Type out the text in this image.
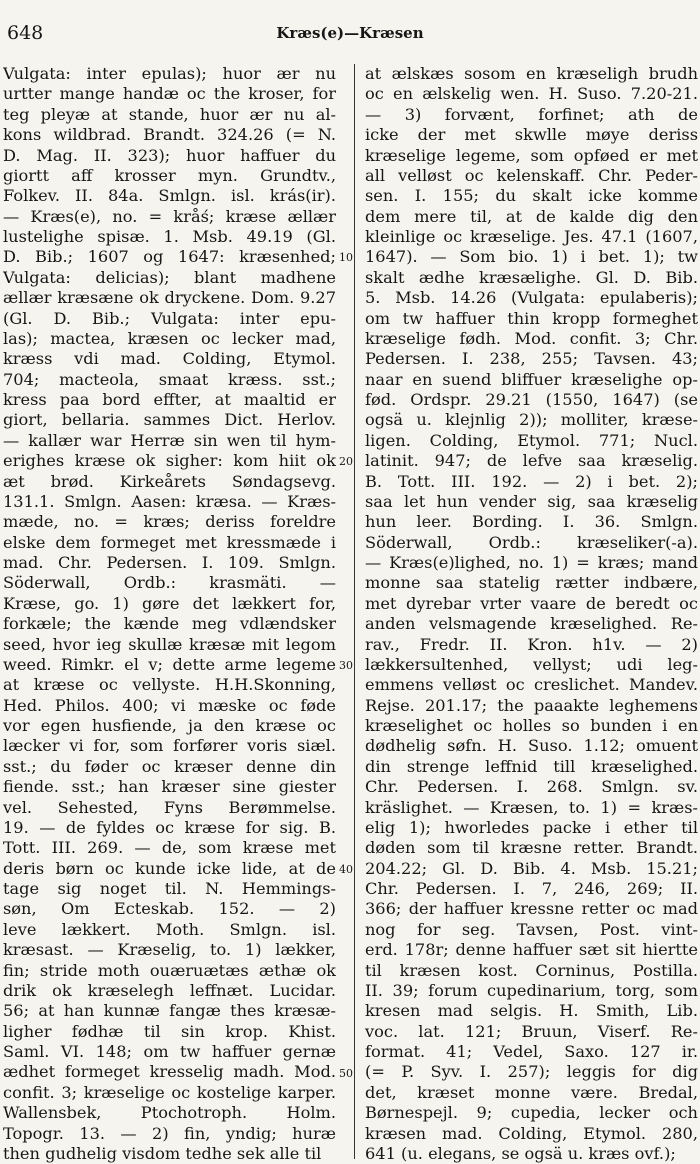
648	Kræs(e)—Kræsen
Vulgata: inter epulas); huor ær nu
urtter mange handæ oc the kroser, for
teg pleyæ at stande, huor ær nu al-
kons wildbrad. Brandt. 324.26 (= N.
D. Mag. II. 323); huor haffuer du
giortt aff krosser myn. Grundtv.,
Folkev. II. 84a. Smlgn. isl. krás(ir).
— Kræs(e), no. = kråś; kræse ællær
lustelighe spisæ. 1. Msb. 49.19 (Gl.
D. Bib.; 1607 og 1647: kræsenhed;
Vulgata: delicias); blant madhene
ællær kræsæne ok dryckene. Dom. 9.27
(Gl. D. Bib.; Vulgata: inter epu-
las); mactea, kræsen oc lecker mad,
kræss vdi mad. Colding, Etymol.
704; macteola, smaat kræss. sst.;
kress paa bord effter, at maaltid er
giort, bellaria. sammes Dict. Herlov.
— kallær war Herræ sin wen til hym-
erighes kræse ok sigher: kom hiit ok
æt brød. Kirkeårets Søndagsevg.
131.1. Smlgn. Aasen: kræsa. — Kræs-
mæde, no. = kræs; deriss foreldre
elske dem formeget met kressmæde i
mad. Chr. Pedersen. I. 109. Smlgn.
Söderwall, Ordb.: krasmäti. —
Kræse, go. 1) gøre det lækkert for,
forkæle; the kænde meg vdlændsker
seed, hvor ieg skullæ kræsæ mit legom
weed. Rimkr. el v; dette arme legeme
at kræse oc vellyste. H.H.Skonning,
Hed. Philos. 400; vi mæske oc føde
vor egen husfiende, ja den kræse oc
læcker vi for, som forfører voris siæl.
sst.; du føder oc kræser denne din
fiende. sst.; han kræser sine giester
vel. Sehested, Fyns Berømmelse.
19. — de fyldes oc kræse for sig. B.
Tott. III. 269. — de, som kræse met
deris børn oc kunde icke lide, at de
tage sig noget til. N. Hemmings-
søn, Om Ecteskab. 152. — 2)
leve lækkert. Moth. Smlgn. isl.
kræsast. — Kræselig, to. 1) lækker,
fin; stride moth ouæruætæs æthæ ok
drik ok kræselegh leffnæt. Lucidar.
56; at han kunnæ fangæ thes kræsæ-
ligher fødhæ til sin krop. Khist.
Saml. VI. 148; om tw haffuer gernæ
ædhet formeget kresselig madh. Mod.
confit. 3; kræselige oc kostelige karper.
Wallensbek, Ptochotroph. Holm.
Topogr. 13. — 2) fin, yndig; huræ
then gudhelig visdom tedhe sek alle til
10
20
30
40
50
at ælskæs sosom en kræseligh brudh
oc en ælskelig wen. H. Suso. 7.20-21.
— 3) forvænt, forfinet; ath de
icke der met skwlle møye deriss
kræselige legeme, som opføed er met
all velløst oc kelenskaff. Chr. Peder-
sen. I. 155; du skalt icke komme
dem mere til, at de kalde dig den
kleinlige oc kræselige. Jes. 47.1 (1607,
1647). — Som bio. 1) i bet. 1); tw
skalt ædhe kræsælighe. Gl. D. Bib.
5. Msb. 14.26 (Vulgata: epulaberis);
om tw haffuer thin kropp formeghet
kræselige fødh. Mod. confit. 3; Chr.
Pedersen. I. 238, 255; Tavsen. 43;
naar en suend bliffuer kræselighe op-
fød. Ordspr. 29.21 (1550, 1647) (se
ogsä u. klejnlig 2)); molliter, kræse-
ligen. Colding, Etymol. 771; Nucl.
latinit. 947; de lefve saa kræselig.
B. Tott. III. 192. — 2) i bet. 2);
saa let hun vender sig, saa kræselig
hun leer. Bording. I. 36. Smlgn.
Söderwall, Ordb.: kræseliker(-a).
— Kræs(e)lighed, no. 1) = kræs; mand
monne saa statelig rætter indbære,
met dyrebar vrter vaare de beredt oc
anden velsmagende kræselighed. Re-
rav., Fredr. II. Kron. h1v. — 2)
lækkersultenhed, vellyst; udi leg-
emmens velløst oc creslichet. Mandev.
Rejse. 201.17; the paaakte leghemens
kræselighet oc holles so bunden i en
dødhelig søfn. H. Suso. 1.12; omuent
din strenge leffnid till kræselighed.
Chr. Pedersen. I. 268. Smlgn. sv.
kräslighet. — Kræsen, to. 1) = kræs-
elig 1); hworledes packe i ether til
døden som til kræsne retter. Brandt.
204.22; Gl. D. Bib. 4. Msb. 15.21;
Chr. Pedersen. I. 7, 246, 269; II.
366; der haffuer kressne retter oc mad
nog for seg. Tavsen, Post. vint-
erd. 178r; denne haffuer sæt sit hiertte
til kræsen kost. Corninus, Postilla.
II. 39; forum cupedinarium, torg, som
kresen mad selgis. H. Smith, Lib.
voc. lat. 121; Bruun, Viserf. Re-
format. 41; Vedel, Saxo. 127 ir.
(= P. Syv. I. 257); leggis for dig
det, kræset monne være. Bredal,
Børnespejl. 9; cupedia, lecker och
kræsen mad. Colding, Etymol. 280,
641 (u. elegans, se ogsä u. kræs ovf.);
